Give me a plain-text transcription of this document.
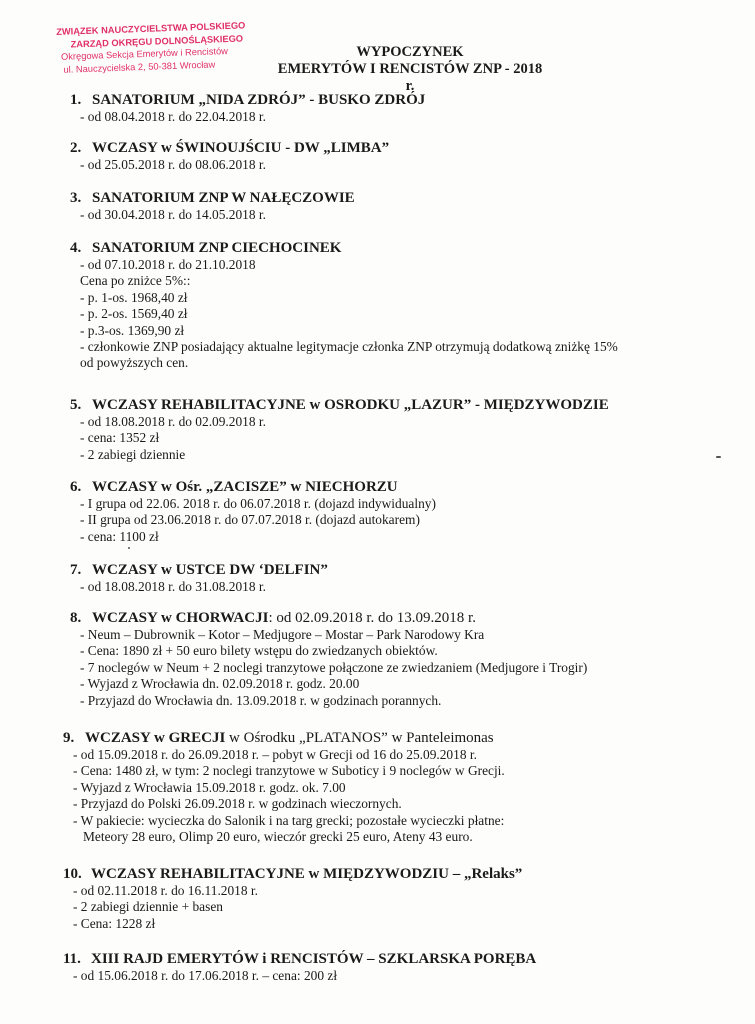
ZWIĄZEK NAUCZYCIELSTWA POLSKIEGO
ZARZĄD OKRĘGU DOLNOŚLĄSKIEGO
Okręgowa Sekcja Emerytów i Rencistów
ul. Nauczycielska 2, 50-381 Wrocław
WYPOCZYNEK
EMERYTÓW I RENCISTÓW ZNP - 2018 r.
1. SANATORIUM „NIDA ZDRÓJ” - BUSKO ZDRÓJ
- od 08.04.2018 r. do 22.04.2018 r.
2. WCZASY w ŚWINOUJŚCIU - DW „LIMBA”
- od 25.05.2018 r. do 08.06.2018 r.
3. SANATORIUM ZNP W NAŁĘCZOWIE
- od 30.04.2018 r. do 14.05.2018 r.
4. SANATORIUM ZNP CIECHOCINEK
- od 07.10.2018 r. do 21.10.2018
Cena po zniżce 5%::
- p. 1-os. 1968,40 zł
- p. 2-os. 1569,40 zł
- p.3-os. 1369,90 zł
- członkowie ZNP posiadający aktualne legitymacje członka ZNP otrzymują dodatkową zniżkę 15%
od powyższych cen.
5. WCZASY REHABILITACYJNE w OSRODKU „LAZUR” - MIĘDZYWODZIE
- od 18.08.2018 r. do 02.09.2018 r.
- cena: 1352 zł
- 2 zabiegi dziennie
6. WCZASY w Ośr. „ZACISZE” w NIECHORZU
- I grupa od 22.06. 2018 r. do 06.07.2018 r. (dojazd indywidualny)
- II grupa od 23.06.2018 r. do 07.07.2018 r. (dojazd autokarem)
- cena: 1100 zł
7. WCZASY w USTCE DW ‘DELFIN”
- od 18.08.2018 r. do 31.08.2018 r.
8. WCZASY w CHORWACJI: od 02.09.2018 r. do 13.09.2018 r.
- Neum – Dubrownik – Kotor – Medjugore – Mostar – Park Narodowy Kra
- Cena: 1890 zł + 50 euro bilety wstępu do zwiedzanych obiektów.
- 7 noclegów w Neum + 2 noclegi tranzytowe połączone ze zwiedzaniem (Medjugore i Trogir)
- Wyjazd z Wrocławia dn. 02.09.2018 r. godz. 20.00
- Przyjazd do Wrocławia dn. 13.09.2018 r. w godzinach porannych.
9. WCZASY w GRECJI w Ośrodku „PLATANOS” w Panteleimonas
- od 15.09.2018 r. do 26.09.2018 r. – pobyt w Grecji od 16 do 25.09.2018 r.
- Cena: 1480 zł, w tym: 2 noclegi tranzytowe w Suboticy i 9 noclegów w Grecji.
- Wyjazd z Wrocławia 15.09.2018 r. godz. ok. 7.00
- Przyjazd do Polski 26.09.2018 r. w godzinach wieczornych.
- W pakiecie: wycieczka do Salonik i na targ grecki; pozostałe wycieczki płatne:
Meteory 28 euro, Olimp 20 euro, wieczór grecki 25 euro, Ateny 43 euro.
10. WCZASY REHABILITACYJNE w MIĘDZYWODZIU – „Relaks”
- od 02.11.2018 r. do 16.11.2018 r.
- 2 zabiegi dziennie + basen
- Cena: 1228 zł
11. XIII RAJD EMERYTÓW i RENCISTÓW – SZKLARSKA PORĘBA
- od 15.06.2018 r. do 17.06.2018 r. – cena: 200 zł
